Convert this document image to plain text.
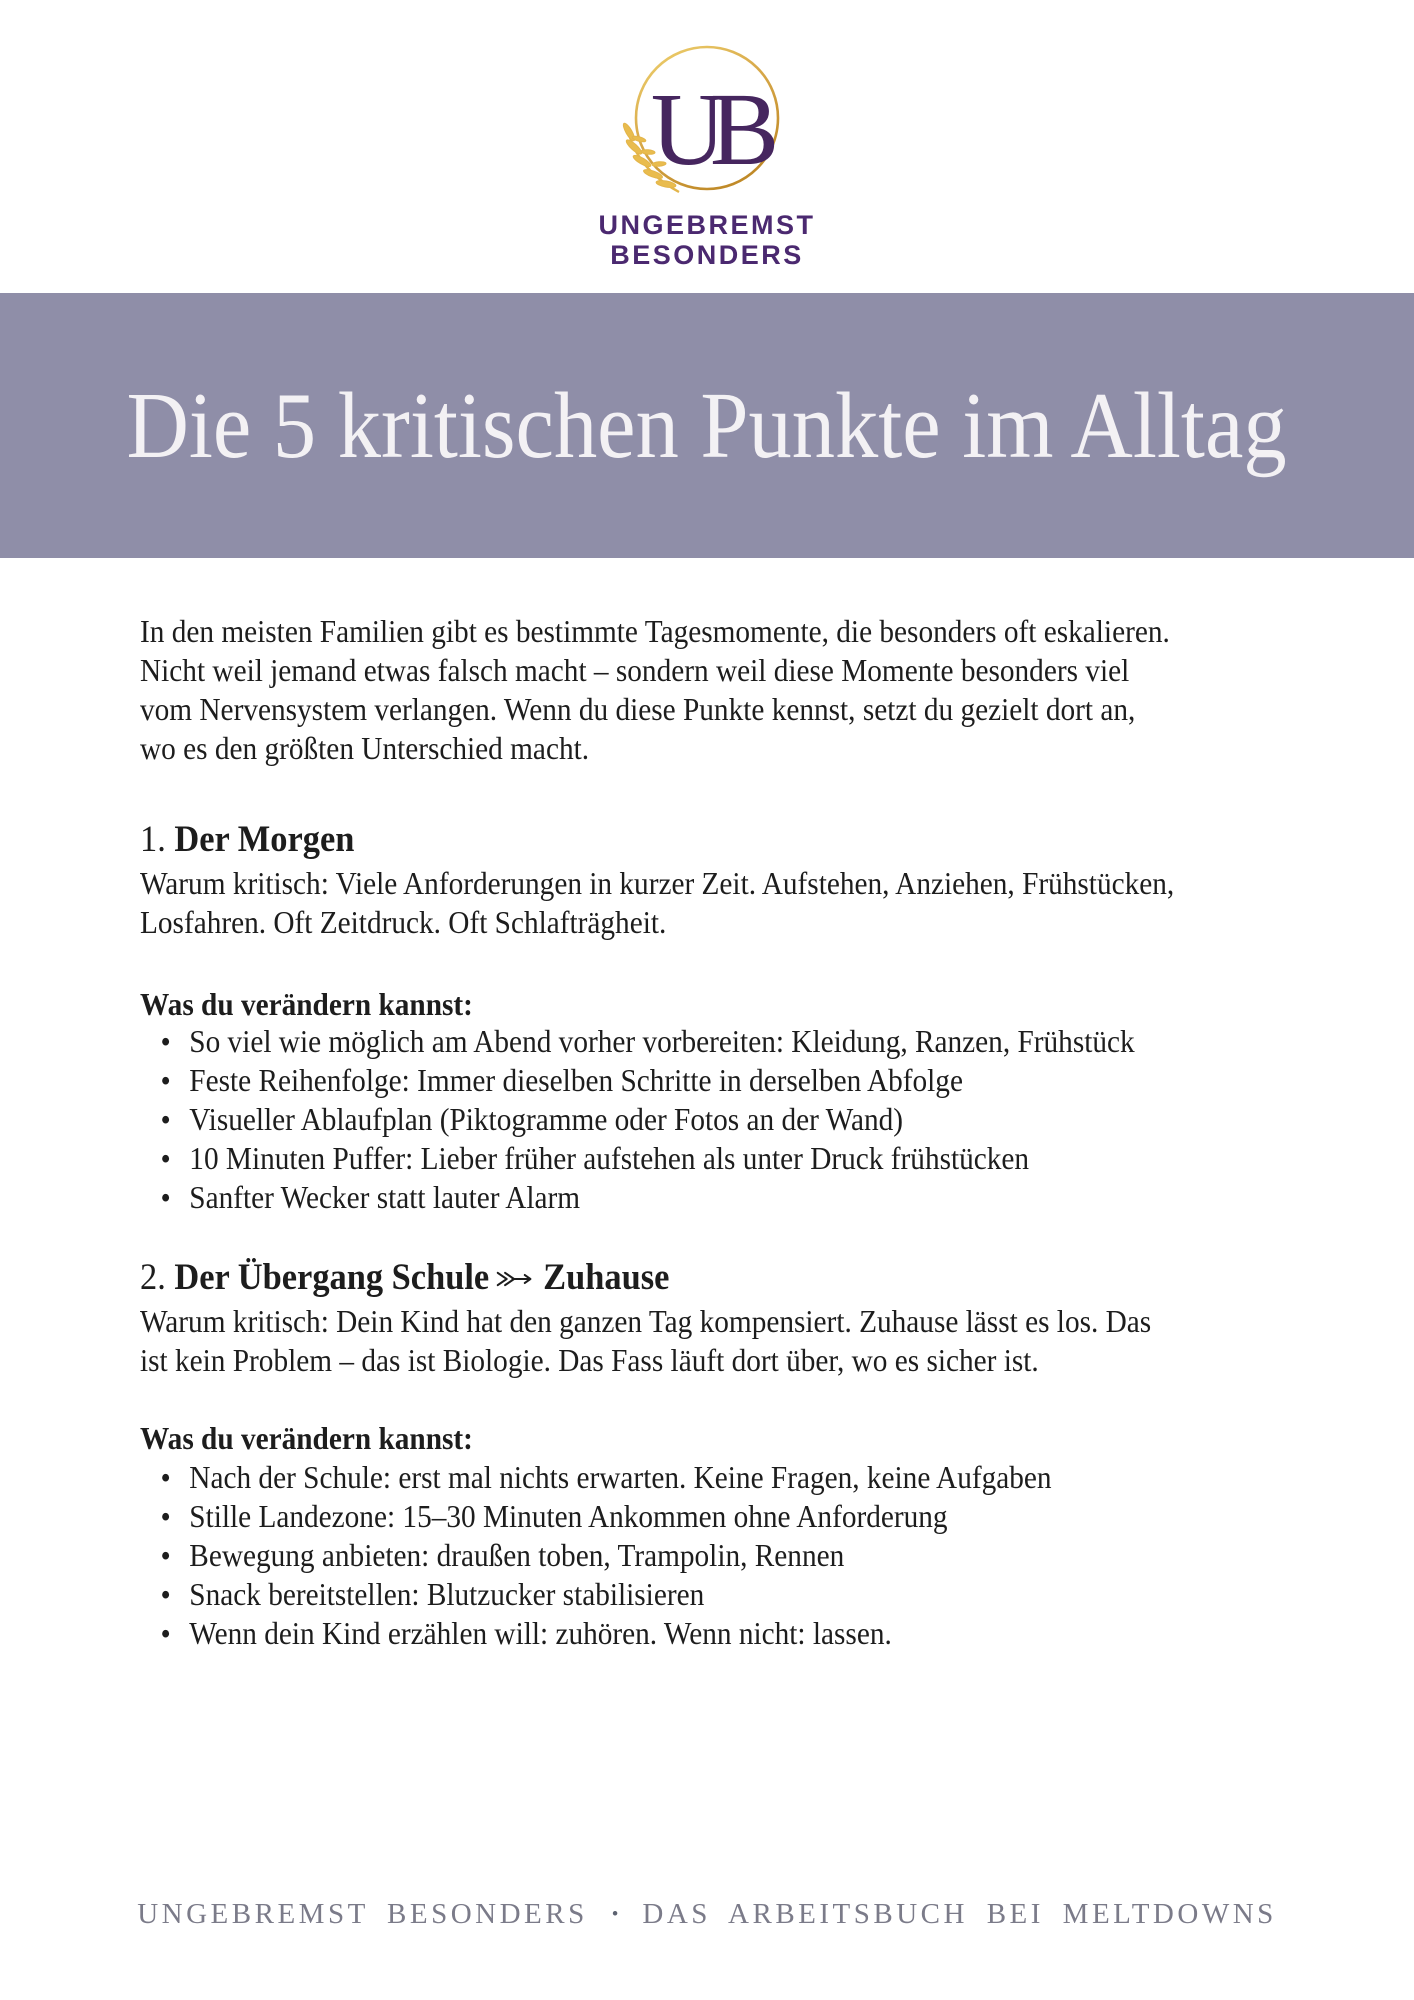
UB
UNGEBREMST
BESONDERS
Die 5 kritischen Punkte im Alltag
In den meisten Familien gibt es bestimmte Tagesmomente, die besonders oft eskalieren.
Nicht weil jemand etwas falsch macht – sondern weil diese Momente besonders viel
vom Nervensystem verlangen. Wenn du diese Punkte kennst, setzt du gezielt dort an,
wo es den größten Unterschied macht.
1. Der Morgen
Warum kritisch: Viele Anforderungen in kurzer Zeit. Aufstehen, Anziehen, Frühstücken,
Losfahren. Oft Zeitdruck. Oft Schlafträgheit.
Was du verändern kannst:
• So viel wie möglich am Abend vorher vorbereiten: Kleidung, Ranzen, Frühstück
• Feste Reihenfolge: Immer dieselben Schritte in derselben Abfolge
• Visueller Ablaufplan (Piktogramme oder Fotos an der Wand)
• 10 Minuten Puffer: Lieber früher aufstehen als unter Druck frühstücken
• Sanfter Wecker statt lauter Alarm
2. Der Übergang Schule Zuhause
Warum kritisch: Dein Kind hat den ganzen Tag kompensiert. Zuhause lässt es los. Das
ist kein Problem – das ist Biologie. Das Fass läuft dort über, wo es sicher ist.
Was du verändern kannst:
• Nach der Schule: erst mal nichts erwarten. Keine Fragen, keine Aufgaben
• Stille Landezone: 15–30 Minuten Ankommen ohne Anforderung
• Bewegung anbieten: draußen toben, Trampolin, Rennen
• Snack bereitstellen: Blutzucker stabilisieren
• Wenn dein Kind erzählen will: zuhören. Wenn nicht: lassen.
UNGEBREMST BESONDERS • DAS ARBEITSBUCH BEI MELTDOWNS
